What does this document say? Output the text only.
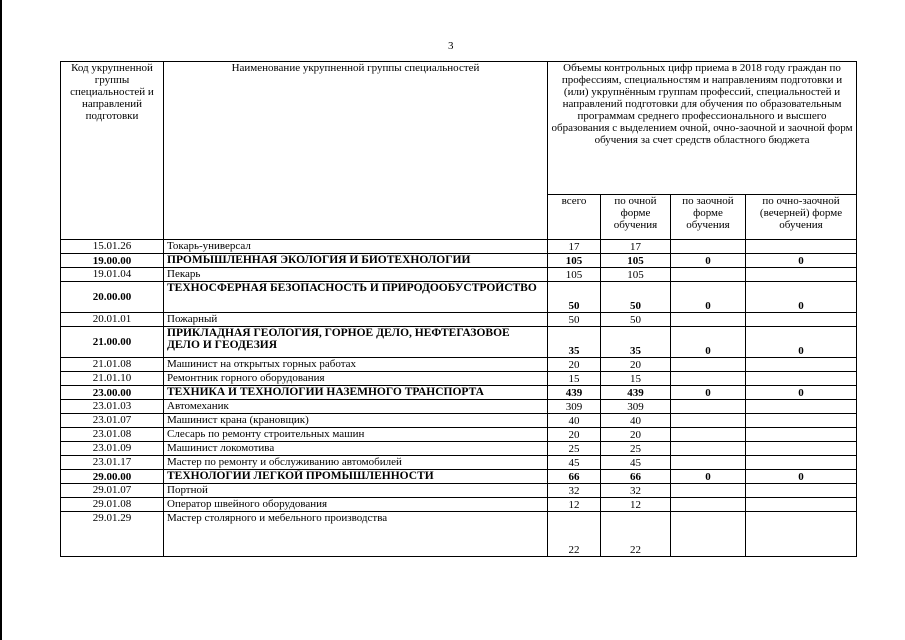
3
Код укрупненной группы специальностей и направлений подготовки	Наименование укрупненной группы специальностей	Объемы контрольных цифр приема в 2018 году граждан по профессиям, специальностям и направлениям подготовки и (или) укрупнённым группам профессий, специальностей и направлений подготовки для обучения по образовательным программам среднего профессионального и высшего образования с выделением очной, очно-заочной и заочной форм обучения за счет средств областного бюджета			
		всего	по очной форме обучения	по заочной форме обучения	по очно-заочной (вечерней) форме обучения
15.01.26	Токарь-универсал	17	17		
19.00.00	ПРОМЫШЛЕННАЯ ЭКОЛОГИЯ И БИОТЕХНОЛОГИИ	105	105	0	0
19.01.04	Пекарь	105	105		
20.00.00	ТЕХНОСФЕРНАЯ БЕЗОПАСНОСТЬ И ПРИРОДООБУСТРОЙСТВО	50	50	0	0
20.01.01	Пожарный	50	50		
21.00.00	ПРИКЛАДНАЯ ГЕОЛОГИЯ, ГОРНОЕ ДЕЛО, НЕФТЕГАЗОВОЕ ДЕЛО И ГЕОДЕЗИЯ	35	35	0	0
21.01.08	Машинист на открытых горных работах	20	20		
21.01.10	Ремонтник горного оборудования	15	15		
23.00.00	ТЕХНИКА И ТЕХНОЛОГИИ НАЗЕМНОГО ТРАНСПОРТА	439	439	0	0
23.01.03	Автомеханик	309	309		
23.01.07	Машинист крана (крановщик)	40	40		
23.01.08	Слесарь по ремонту строительных машин	20	20		
23.01.09	Машинист локомотива	25	25		
23.01.17	Мастер по ремонту и обслуживанию автомобилей	45	45		
29.00.00	ТЕХНОЛОГИИ ЛЕГКОЙ ПРОМЫШЛЕННОСТИ	66	66	0	0
29.01.07	Портной	32	32		
29.01.08	Оператор швейного оборудования	12	12		
29.01.29	Мастер столярного и мебельного производства	22	22		
